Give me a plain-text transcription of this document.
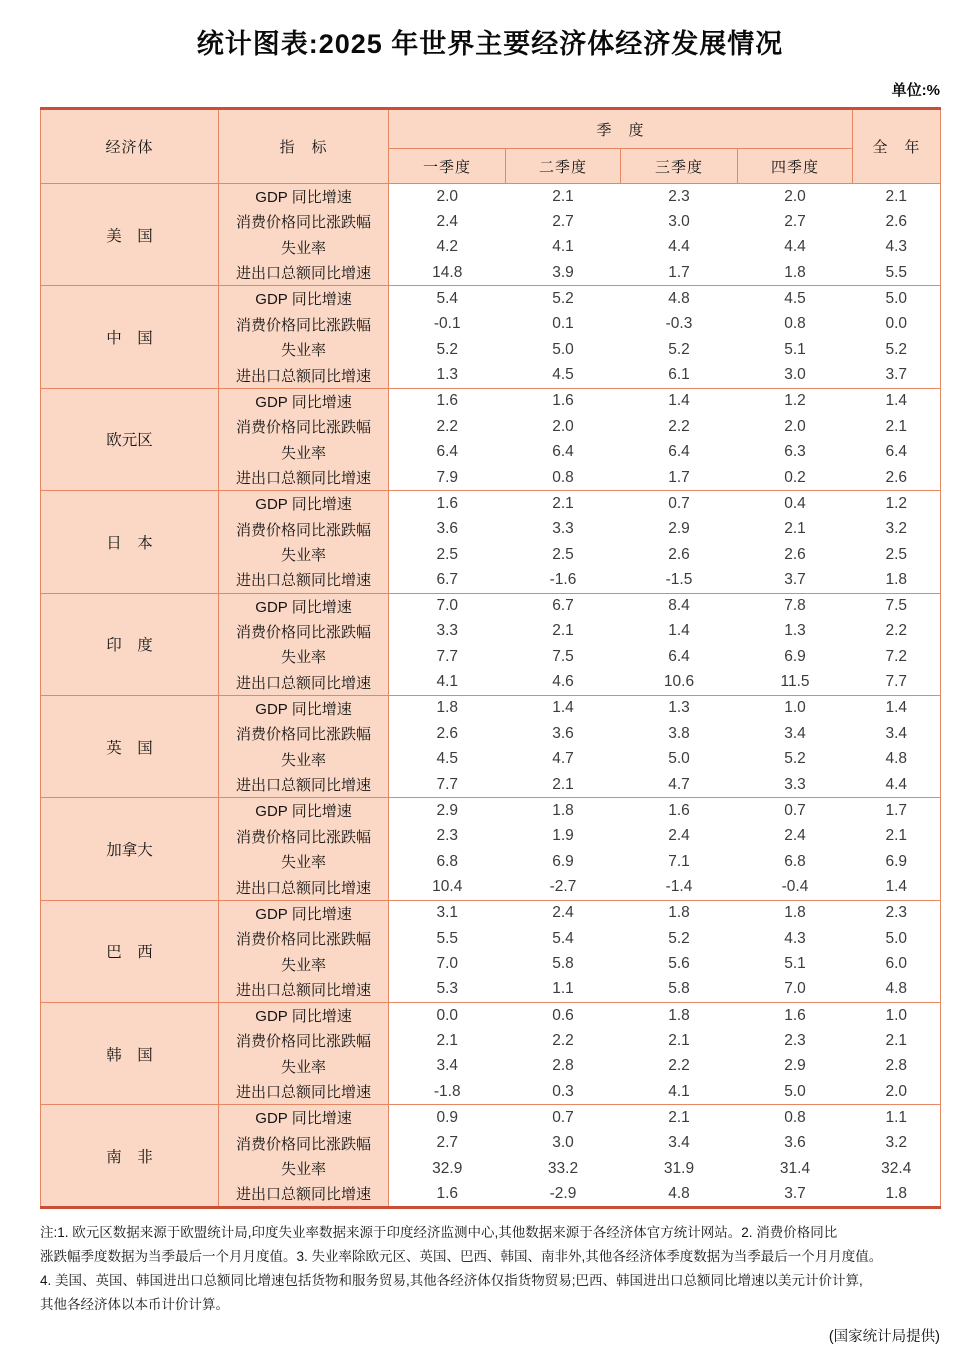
统计图表:2025 年世界主要经济体经济发展情况
单位:%
经济体	指　标	季　度				全　年
		一季度	二季度	三季度	四季度	
美　国	GDP 同比增速	2.0	2.1	2.3	2.0	2.1
	消费价格同比涨跌幅	2.4	2.7	3.0	2.7	2.6
	失业率	4.2	4.1	4.4	4.4	4.3
	进出口总额同比增速	14.8	3.9	1.7	1.8	5.5
中　国	GDP 同比增速	5.4	5.2	4.8	4.5	5.0
	消费价格同比涨跌幅	-0.1	0.1	-0.3	0.8	0.0
	失业率	5.2	5.0	5.2	5.1	5.2
	进出口总额同比增速	1.3	4.5	6.1	3.0	3.7
欧元区	GDP 同比增速	1.6	1.6	1.4	1.2	1.4
	消费价格同比涨跌幅	2.2	2.0	2.2	2.0	2.1
	失业率	6.4	6.4	6.4	6.3	6.4
	进出口总额同比增速	7.9	0.8	1.7	0.2	2.6
日　本	GDP 同比增速	1.6	2.1	0.7	0.4	1.2
	消费价格同比涨跌幅	3.6	3.3	2.9	2.1	3.2
	失业率	2.5	2.5	2.6	2.6	2.5
	进出口总额同比增速	6.7	-1.6	-1.5	3.7	1.8
印　度	GDP 同比增速	7.0	6.7	8.4	7.8	7.5
	消费价格同比涨跌幅	3.3	2.1	1.4	1.3	2.2
	失业率	7.7	7.5	6.4	6.9	7.2
	进出口总额同比增速	4.1	4.6	10.6	11.5	7.7
英　国	GDP 同比增速	1.8	1.4	1.3	1.0	1.4
	消费价格同比涨跌幅	2.6	3.6	3.8	3.4	3.4
	失业率	4.5	4.7	5.0	5.2	4.8
	进出口总额同比增速	7.7	2.1	4.7	3.3	4.4
加拿大	GDP 同比增速	2.9	1.8	1.6	0.7	1.7
	消费价格同比涨跌幅	2.3	1.9	2.4	2.4	2.1
	失业率	6.8	6.9	7.1	6.8	6.9
	进出口总额同比增速	10.4	-2.7	-1.4	-0.4	1.4
巴　西	GDP 同比增速	3.1	2.4	1.8	1.8	2.3
	消费价格同比涨跌幅	5.5	5.4	5.2	4.3	5.0
	失业率	7.0	5.8	5.6	5.1	6.0
	进出口总额同比增速	5.3	1.1	5.8	7.0	4.8
韩　国	GDP 同比增速	0.0	0.6	1.8	1.6	1.0
	消费价格同比涨跌幅	2.1	2.2	2.1	2.3	2.1
	失业率	3.4	2.8	2.2	2.9	2.8
	进出口总额同比增速	-1.8	0.3	4.1	5.0	2.0
南　非	GDP 同比增速	0.9	0.7	2.1	0.8	1.1
	消费价格同比涨跌幅	2.7	3.0	3.4	3.6	3.2
	失业率	32.9	33.2	31.9	31.4	32.4
	进出口总额同比增速	1.6	-2.9	4.8	3.7	1.8
注:1. 欧元区数据来源于欧盟统计局,印度失业率数据来源于印度经济监测中心,其他数据来源于各经济体官方统计网站。2. 消费价格同比
涨跌幅季度数据为当季最后一个月月度值。3. 失业率除欧元区、英国、巴西、韩国、南非外,其他各经济体季度数据为当季最后一个月月度值。
4. 美国、英国、韩国进出口总额同比增速包括货物和服务贸易,其他各经济体仅指货物贸易;巴西、韩国进出口总额同比增速以美元计价计算,
其他各经济体以本币计价计算。
(国家统计局提供)
